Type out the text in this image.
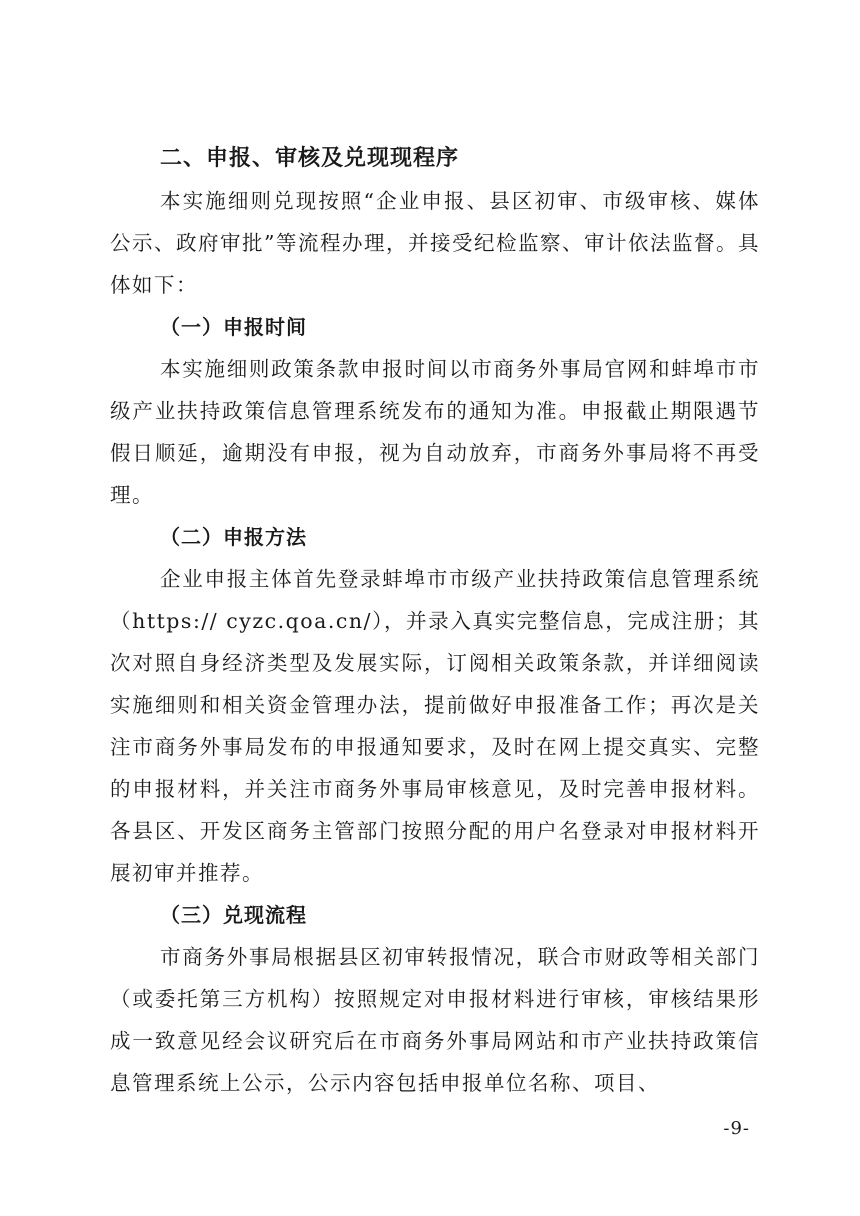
二、申报、审核及兑现现程序

本实施细则兑现按照“企业申报、县区初审、市级审核、媒体公示、政府审批”等流程办理，并接受纪检监察、审计依法监督。具体如下：

（一）申报时间

本实施细则政策条款申报时间以市商务外事局官网和蚌埠市市级产业扶持政策信息管理系统发布的通知为准。申报截止期限遇节假日顺延，逾期没有申报，视为自动放弃，市商务外事局将不再受理。

（二）申报方法

企业申报主体首先登录蚌埠市市级产业扶持政策信息管理系统（https:// cyzc.qoa.cn/），并录入真实完整信息，完成注册；其次对照自身经济类型及发展实际，订阅相关政策条款，并详细阅读实施细则和相关资金管理办法，提前做好申报准备工作；再次是关注市商务外事局发布的申报通知要求，及时在网上提交真实、完整的申报材料，并关注市商务外事局审核意见，及时完善申报材料。各县区、开发区商务主管部门按照分配的用户名登录对申报材料开展初审并推荐。

（三）兑现流程

市商务外事局根据县区初审转报情况，联合市财政等相关部门（或委托第三方机构）按照规定对申报材料进行审核，审核结果形成一致意见经会议研究后在市商务外事局网站和市产业扶持政策信息管理系统上公示，公示内容包括申报单位名称、项目、

-9-
